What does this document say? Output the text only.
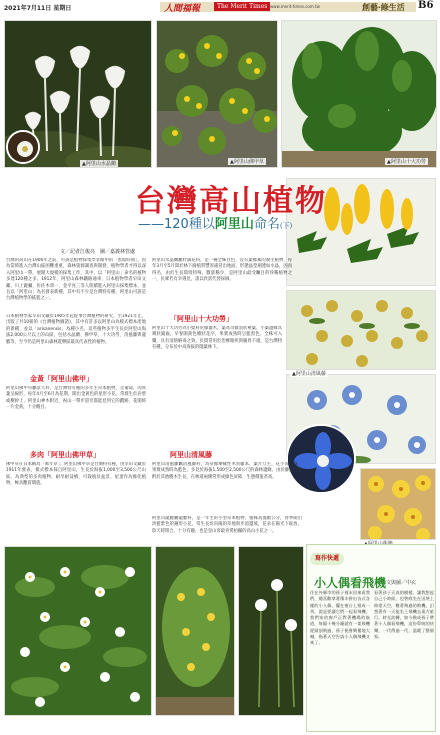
2021年7月11日 星期日	人間福報	The Merit Times www.merit-times.com.tw	創藝‧綠生活 B6
▲阿里山水晶蘭	▲阿里山佛甲草	▲阿里山十大功勞
▲阿里山清風藤
台灣高山植物
——120種以阿里山命名(下)
文／記者江俊亮　圖／嘉義林管處
台灣的高山在1906年之前，可說是植物採集學者眼中的「黑暗時期」，因為當時進入台灣山區困難重重，森林資源調查與開發，植物學者才得以深入阿里山一帶，展開大規模的採集工作，其中，以「阿里山」命名的植物多達120種之多。1912年，阿里山森林鐵路通車，日本植物學者早田文藏、川上瀧彌、佐佐木舜一、金平亮三等人陸續進入阿里山採集標本，並且以「阿里山」為名發表新種，其中有不少是台灣特有種，阿里山可說是台灣植物學的搖籃之一。
日本植物學家早田文藏於1905年起從事台灣植物的研究，至1921年止，出版了共10冊的《台灣植物圖譜》，其中有許多以阿里山為模式標本產地的新種，並以「arisanensis」為種小名，這些植物多半生長於阿里山海拔2,000公尺以上的山區，包括水晶蘭、佛甲草、十大功勞、清風藤與龍膽等，至今仍是阿里山森林遊樂區最具代表性的植物。
金黃「阿里山佛甲」
阿里山佛甲草屬景天科，是台灣特有種的多年生草本植物，莖匍匐，肉質葉呈線形，每年4月至6月為花期，開出金黃色的星形小花，常群生於岩壁或樹幹上，阿里山神木附近、祝山一帶步道旁都能見到它的蹤跡，花開時一片金黃，十分醒目。
多肉「阿里山佛甲草」
佛甲草在日本稱為「萬年草」，阿里山佛甲草是台灣特有種，由早田文藏於1911年發表，模式標本採自阿里山，生長於海拔1,000至3,500公尺山區，為典型的多肉植物，耐旱耐貧瘠，可栽植於盆景、屋頂作為綠化植物，極具觀賞價值。
阿里山水晶蘭屬杜鵑花科，是一種全株白色、沒有葉綠素的腐生植物，每年3月至5月間於林下腐植質豐厚處冒出地面，形態晶瑩剔透如水晶，因而得名，由於生長環境特殊，數量稀少，是阿里山最受矚目的珍稀植物之一，民眾若有幸遇見，請以欣賞代替採摘。
「阿里山十大功勞」
阿里山十大功勞為小檗科常綠灌木，葉為奇數羽狀複葉，小葉邊緣具刺狀鋸齒，早春開黃色總狀花序，果實成熟時呈藍黑色，全株可入藥，具有清熱解毒之效，民間常用於治療眼疾與腸胃不適，是台灣特有種，分布於中高海拔的闊葉林下。
阿里山清風藤
阿里山清風藤屬清風藤科，為常綠攀緣性木質藤本，葉片互生，花小而淡綠，果實成熟時為藍色，多見於海拔1,500至2,500公尺的森林邊緣，由於藤蔓可攀附於其他樹木生長，在林道兩側常形成綠色屏障，生態價值甚高。
阿里山龍膽屬龍膽科，是一年生的小型草本植物，植株高僅數公分，春季開出淡藍紫色的鐘形小花，常生長於向陽的草地與步道邊坡，花朵在陽光下綻放，陰天時閉合，十分有趣，也是登山客最喜愛拍攝的高山小花之一。
寫作快遞
小人偶看飛機 文與圖／中玄
住在外縣市的孫子週末回來看我們，總喜歡拿著積木拼出各式各樣的小人偶，擺在窗台上排成一列，說是要讓它們一起看飛機。我們家的窗戶正對著機場的航道，每隔十幾分鐘就有一架飛機從頭頂飛過，孫子便會興奮地大喊，指著天空告訴小人偶飛機又來了。
看著孩子天真的模樣，讓我想起自己小時候，也曾經坐在田埂上仰望天空，數著飛過的飛機，幻想著有一天能坐上飛機去遠方旅行。時光流轉，如今換成孫子帶著小人偶看飛機，這份單純的快樂，一代傳過一代，溫暖了整個家。
